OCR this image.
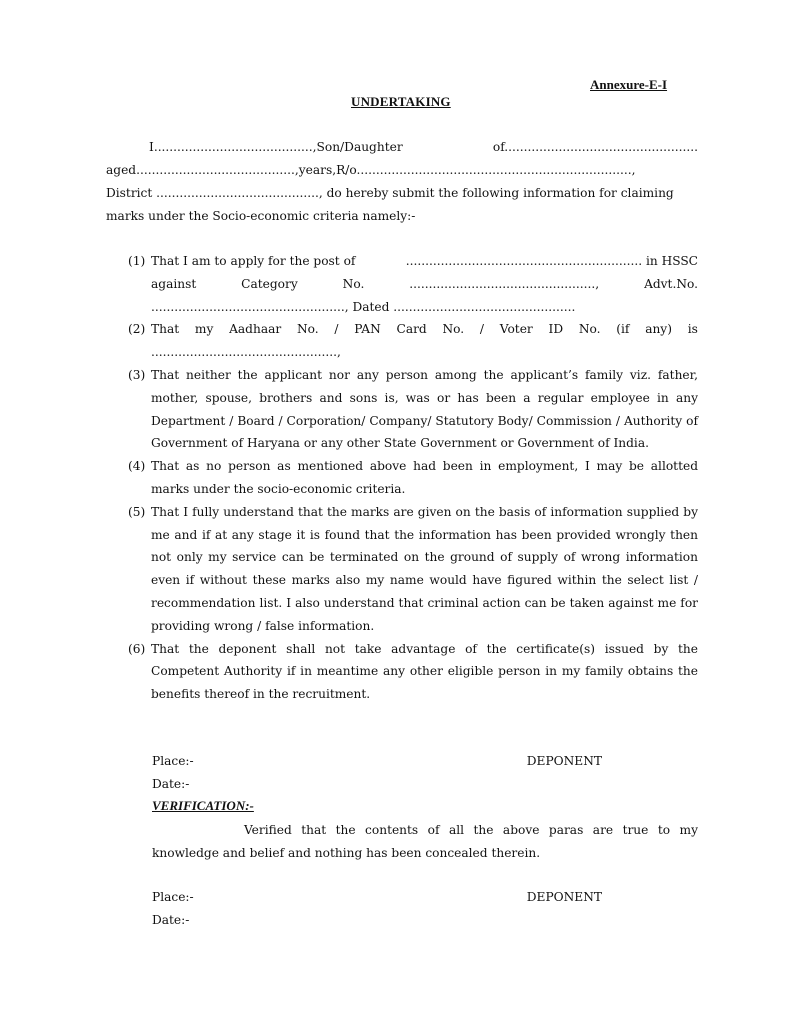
Annexure-E-I
UNDERTAKING
I.........................................,Son/Daughter	of..................................................
aged.........................................,years,R/o.......................................................................,
District .........................................., do hereby submit the following information for claiming
marks under the Socio-economic criteria namely:-
(1) That I am to apply for the post of	............................................................. in HSSC
against	Category	No.	................................................,	Advt.No.
.................................................., Dated ...............................................
(2) That my Aadhaar No. / PAN Card No. / Voter ID No. (if any) is
................................................,
(3) That neither the applicant nor any person among the applicant’s family viz. father, mother, spouse, brothers and sons is, was or has been a regular employee in any Department / Board / Corporation/ Company/ Statutory Body/ Commission / Authority of Government of Haryana or any other State Government or Government of India.
(4) That as no person as mentioned above had been in employment, I may be allotted marks under the socio-economic criteria.
(5) That I fully understand that the marks are given on the basis of information supplied by me and if at any stage it is found that the information has been provided wrongly then not only my service can be terminated on the ground of supply of wrong information even if without these marks also my name would have figured within the select list / recommendation list. I also understand that criminal action can be taken against me for providing wrong / false information.
(6) That the deponent shall not take advantage of the certificate(s) issued by the Competent Authority if in meantime any other eligible person in my family obtains the benefits thereof in the recruitment.
Place:-	DEPONENT
Date:-
VERIFICATION:-
Verified that the contents of all the above paras are true to my
knowledge and belief and nothing has been concealed therein.
Place:-	DEPONENT
Date:-
